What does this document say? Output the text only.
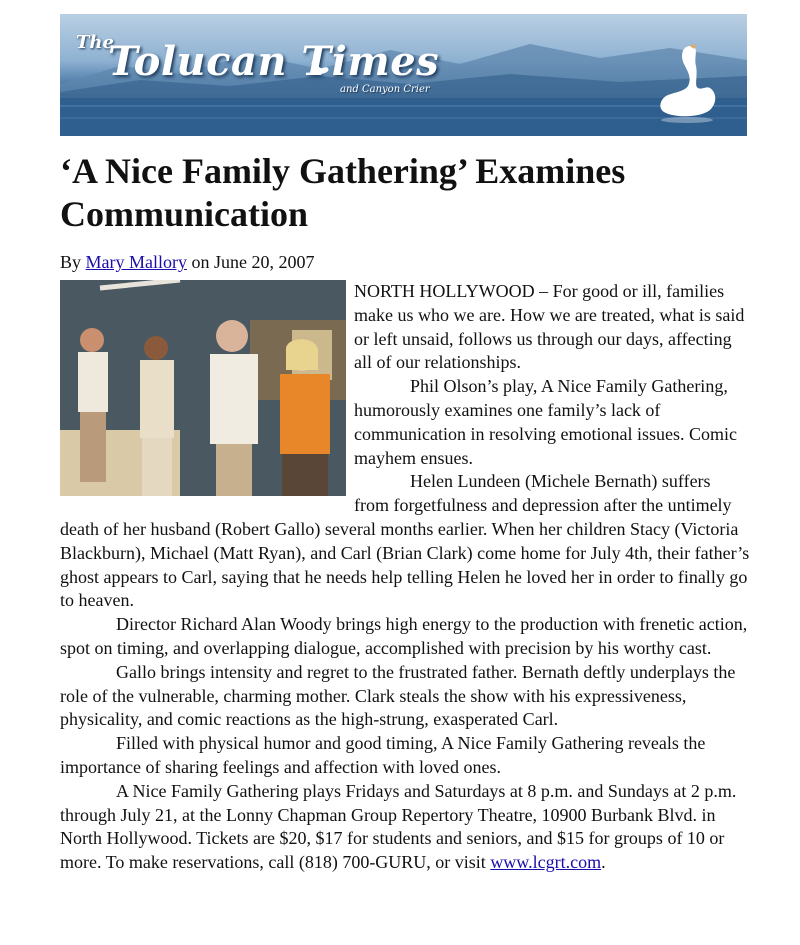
The
Tolucan Times
and Canyon Crier
‘A Nice Family Gathering’ Examines Communication

By Mary Mallory on June 20, 2007

NORTH HOLLYWOOD – For good or ill, families make us who we are. How we are treated, what is said or left unsaid, follows us through our days, affecting all of our relationships.

Phil Olson’s play, A Nice Family Gathering, humorously examines one family’s lack of communication in resolving emotional issues. Comic mayhem ensues.

Helen Lundeen (Michele Bernath) suffers from forgetfulness and depression after the untimely death of her husband (Robert Gallo) several months earlier. When her children Stacy (Victoria Blackburn), Michael (Matt Ryan), and Carl (Brian Clark) come home for July 4th, their father’s ghost appears to Carl, saying that he needs help telling Helen he loved her in order to finally go to heaven.

Director Richard Alan Woody brings high energy to the production with frenetic action, spot on timing, and overlapping dialogue, accomplished with precision by his worthy cast.

Gallo brings intensity and regret to the frustrated father. Bernath deftly underplays the role of the vulnerable, charming mother. Clark steals the show with his expressiveness, physicality, and comic reactions as the high-strung, exasperated Carl.

Filled with physical humor and good timing, A Nice Family Gathering reveals the importance of sharing feelings and affection with loved ones.

A Nice Family Gathering plays Fridays and Saturdays at 8 p.m. and Sundays at 2 p.m. through July 21, at the Lonny Chapman Group Repertory Theatre, 10900 Burbank Blvd. in North Hollywood. Tickets are $20, $17 for students and seniors, and $15 for groups of 10 or more. To make reservations, call (818) 700-GURU, or visit www.lcgrt.com.
